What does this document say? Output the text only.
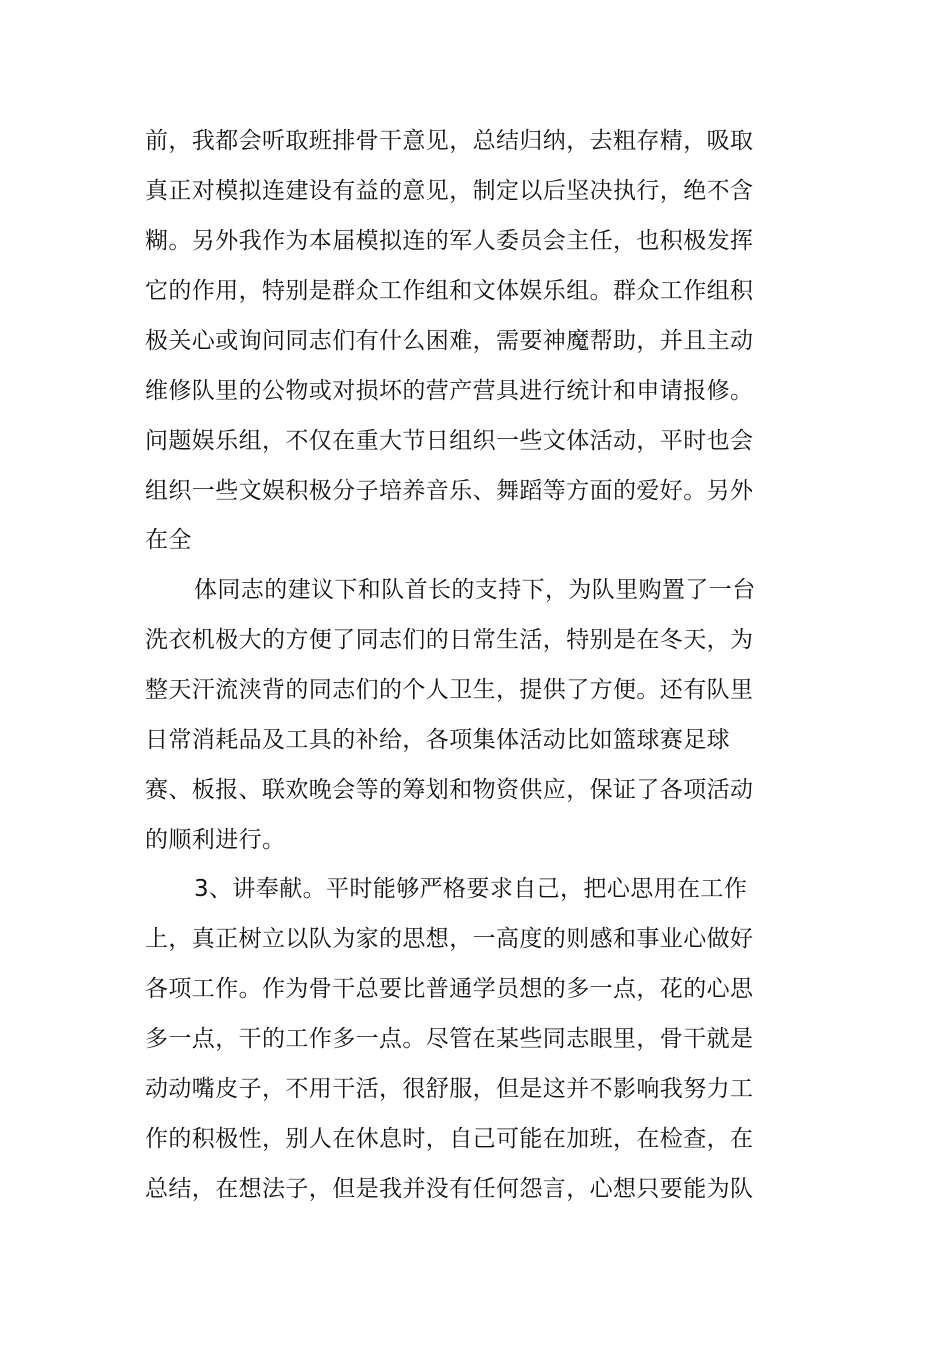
前，我都会听取班排骨干意见，总结归纳，去粗存精，吸取
真正对模拟连建设有益的意见，制定以后坚决执行，绝不含
糊。另外我作为本届模拟连的军人委员会主任，也积极发挥
它的作用，特别是群众工作组和文体娱乐组。群众工作组积
极关心或询问同志们有什么困难，需要神魔帮助，并且主动
维修队里的公物或对损坏的营产营具进行统计和申请报修。
问题娱乐组，不仅在重大节日组织一些文体活动，平时也会
组织一些文娱积极分子培养音乐、舞蹈等方面的爱好。另外
在全
体同志的建议下和队首长的支持下，为队里购置了一台
洗衣机极大的方便了同志们的日常生活，特别是在冬天，为
整天汗流浃背的同志们的个人卫生，提供了方便。还有队里
日常消耗品及工具的补给，各项集体活动比如篮球赛足球
赛、板报、联欢晚会等的筹划和物资供应，保证了各项活动
的顺利进行。
3、讲奉献。平时能够严格要求自己，把心思用在工作
上，真正树立以队为家的思想，一高度的则感和事业心做好
各项工作。作为骨干总要比普通学员想的多一点，花的心思
多一点，干的工作多一点。尽管在某些同志眼里，骨干就是
动动嘴皮子，不用干活，很舒服，但是这并不影响我努力工
作的积极性，别人在休息时，自己可能在加班，在检查，在
总结，在想法子，但是我并没有任何怨言，心想只要能为队
